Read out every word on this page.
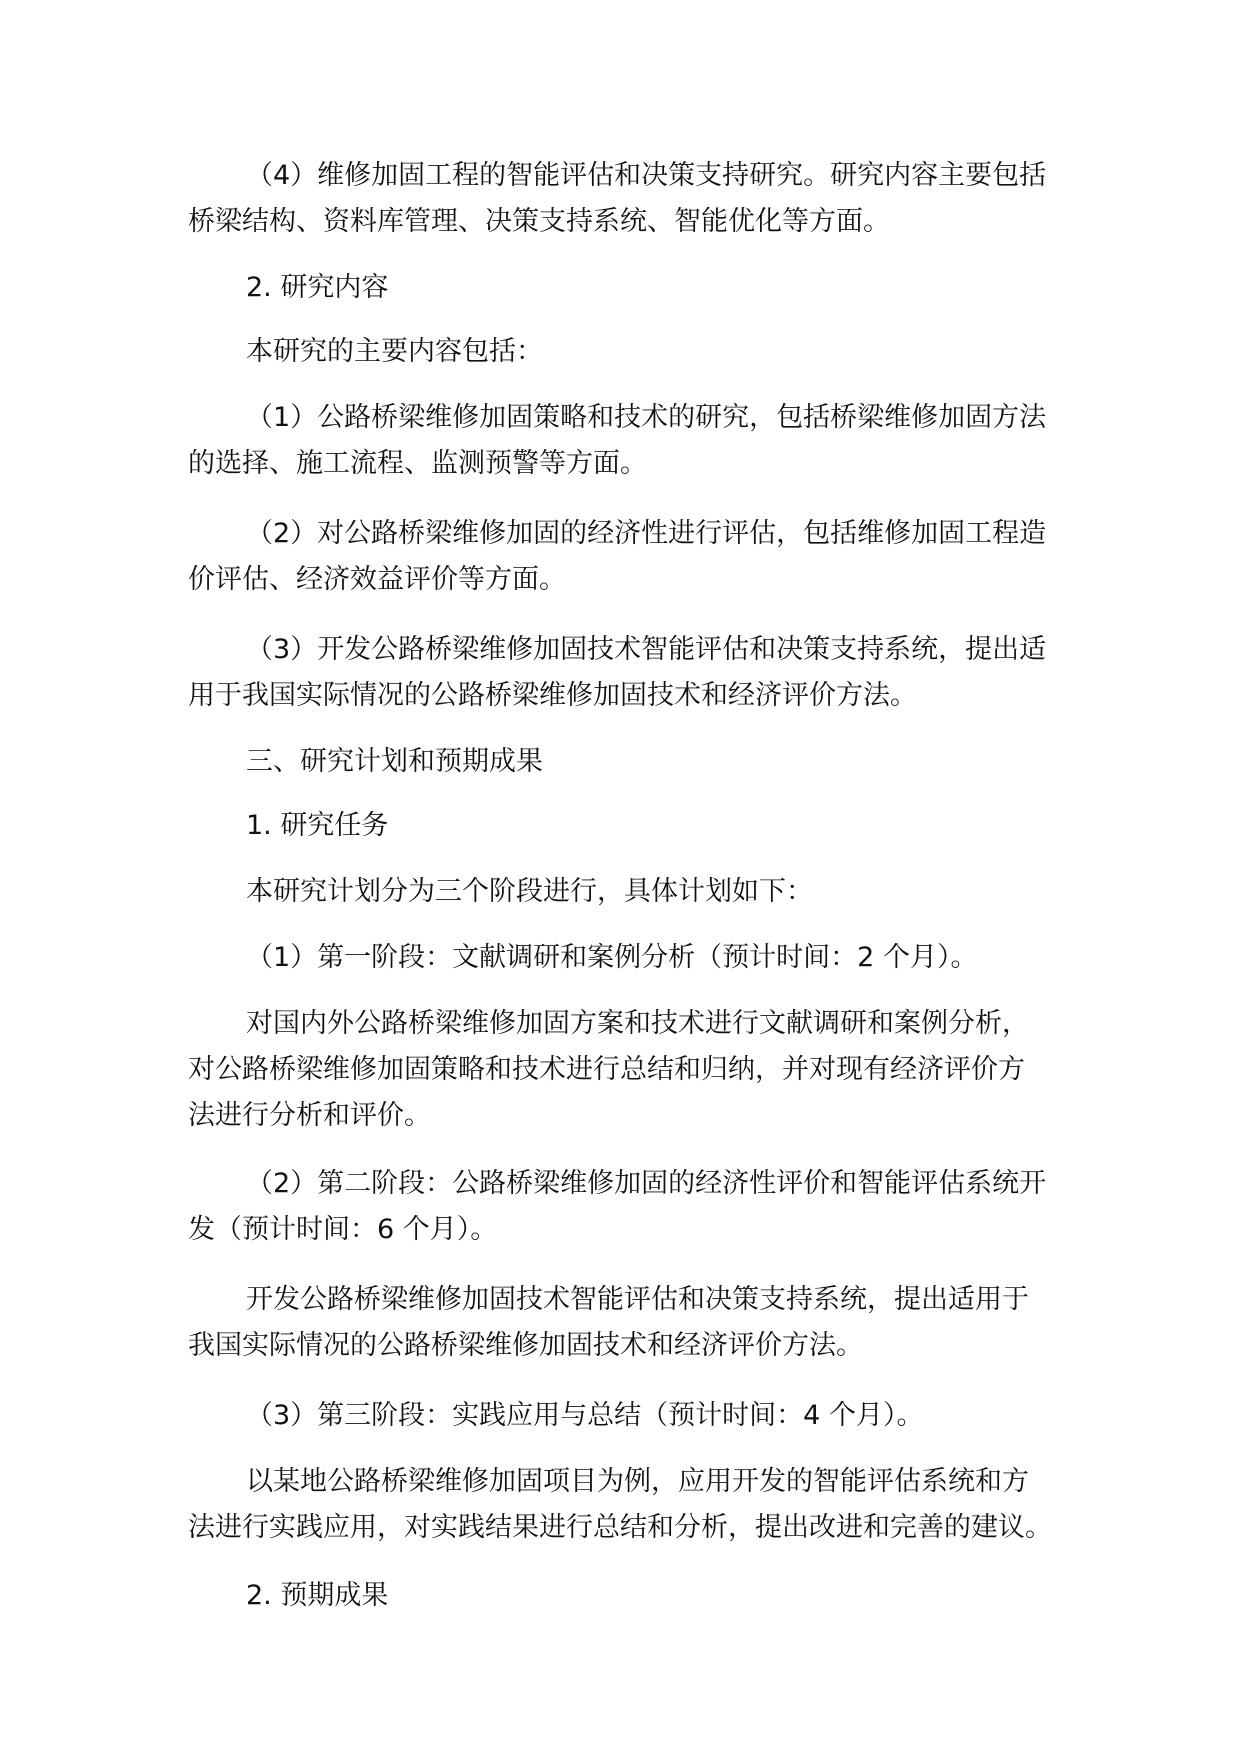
（4）维修加固工程的智能评估和决策支持研究。研究内容主要包括

桥梁结构、资料库管理、决策支持系统、智能优化等方面。

2. 研究内容

本研究的主要内容包括：

（1）公路桥梁维修加固策略和技术的研究，包括桥梁维修加固方法

的选择、施工流程、监测预警等方面。

（2）对公路桥梁维修加固的经济性进行评估，包括维修加固工程造

价评估、经济效益评价等方面。

（3）开发公路桥梁维修加固技术智能评估和决策支持系统，提出适

用于我国实际情况的公路桥梁维修加固技术和经济评价方法。

三、研究计划和预期成果

1. 研究任务

本研究计划分为三个阶段进行，具体计划如下：

（1）第一阶段：文献调研和案例分析（预计时间：2 个月）。

对国内外公路桥梁维修加固方案和技术进行文献调研和案例分析，

对公路桥梁维修加固策略和技术进行总结和归纳，并对现有经济评价方

法进行分析和评价。

（2）第二阶段：公路桥梁维修加固的经济性评价和智能评估系统开

发（预计时间：6 个月）。

开发公路桥梁维修加固技术智能评估和决策支持系统，提出适用于

我国实际情况的公路桥梁维修加固技术和经济评价方法。

（3）第三阶段：实践应用与总结（预计时间：4 个月）。

以某地公路桥梁维修加固项目为例，应用开发的智能评估系统和方

法进行实践应用，对实践结果进行总结和分析，提出改进和完善的建议。

2. 预期成果
